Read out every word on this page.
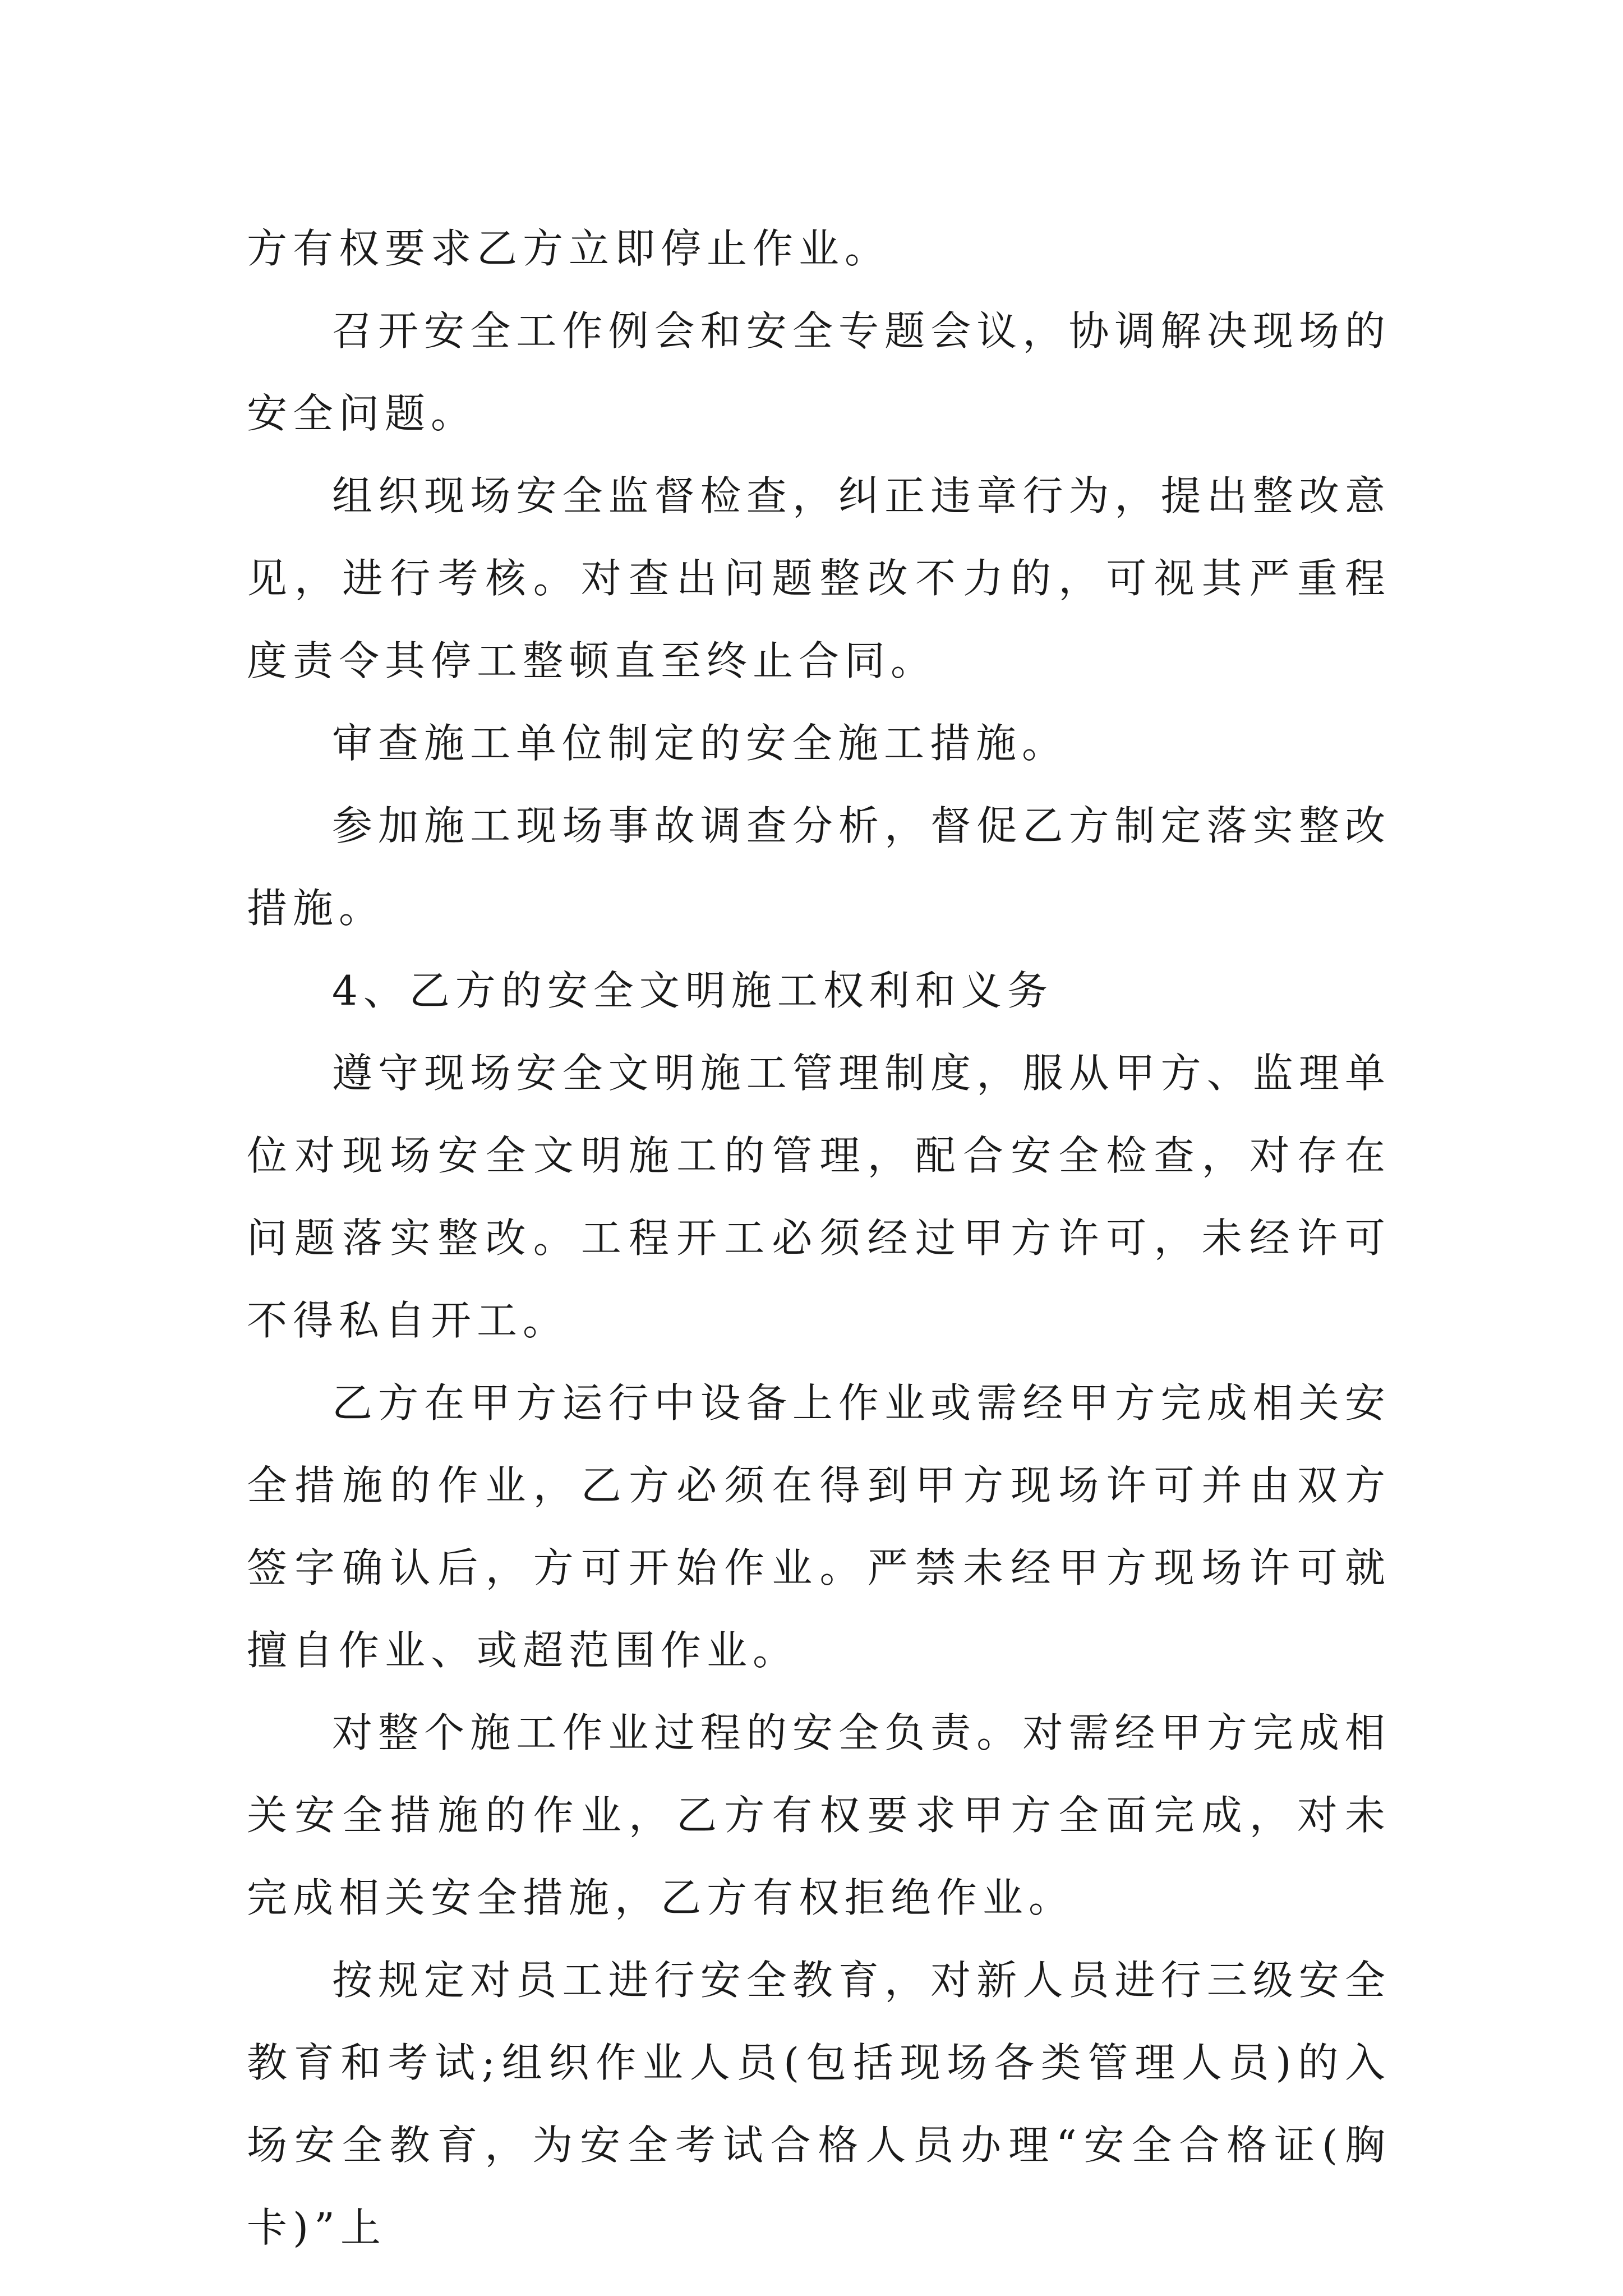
方有权要求乙方立即停止作业。

召开安全工作例会和安全专题会议，协调解决现场的安全问题。

组织现场安全监督检查，纠正违章行为，提出整改意见，进行考核。对查出问题整改不力的，可视其严重程度责令其停工整顿直至终止合同。

审查施工单位制定的安全施工措施。

参加施工现场事故调查分析，督促乙方制定落实整改措施。

4、乙方的安全文明施工权利和义务

遵守现场安全文明施工管理制度，服从甲方、监理单位对现场安全文明施工的管理，配合安全检查，对存在问题落实整改。工程开工必须经过甲方许可，未经许可不得私自开工。

乙方在甲方运行中设备上作业或需经甲方完成相关安全措施的作业，乙方必须在得到甲方现场许可并由双方签字确认后，方可开始作业。严禁未经甲方现场许可就擅自作业、或超范围作业。

对整个施工作业过程的安全负责。对需经甲方完成相关安全措施的作业，乙方有权要求甲方全面完成，对未完成相关安全措施，乙方有权拒绝作业。

按规定对员工进行安全教育，对新人员进行三级安全教育和考试;组织作业人员(包括现场各类管理人员)的入场安全教育，为安全考试合格人员办理“安全合格证(胸卡)”上
